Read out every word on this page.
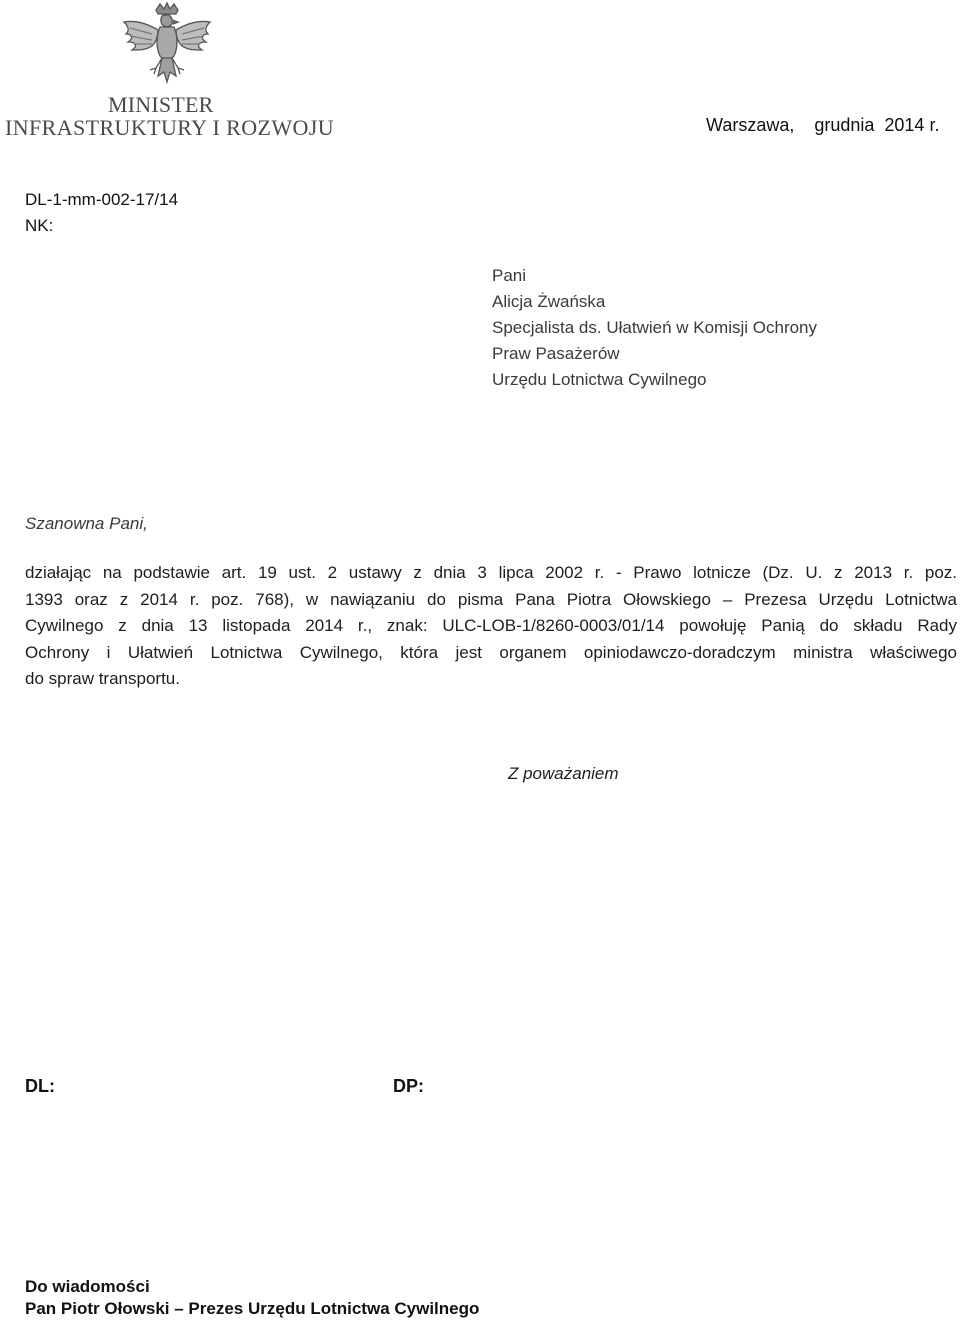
MINISTER
INFRASTRUKTURY I ROZWOJU	Warszawa,    grudnia  2014 r.
DL-1-mm-002-17/14
NK:
Pani
Alicja Żwańska
Specjalista ds. Ułatwień w Komisji Ochrony
Praw Pasażerów
Urzędu Lotnictwa Cywilnego
Szanowna Pani,
działając na podstawie art. 19 ust. 2 ustawy z dnia 3 lipca 2002 r. - Prawo lotnicze (Dz. U. z 2013 r. poz.
1393 oraz z 2014 r. poz. 768), w nawiązaniu do pisma Pana Piotra Ołowskiego – Prezesa Urzędu Lotnictwa
Cywilnego z dnia 13 listopada 2014 r., znak: ULC-LOB-1/8260-0003/01/14 powołuję Panią do składu Rady
Ochrony i Ułatwień Lotnictwa Cywilnego, która jest organem opiniodawczo-doradczym ministra właściwego
do spraw transportu.
Z poważaniem
DL:	DP:
Do wiadomości
Pan Piotr Ołowski – Prezes Urzędu Lotnictwa Cywilnego
